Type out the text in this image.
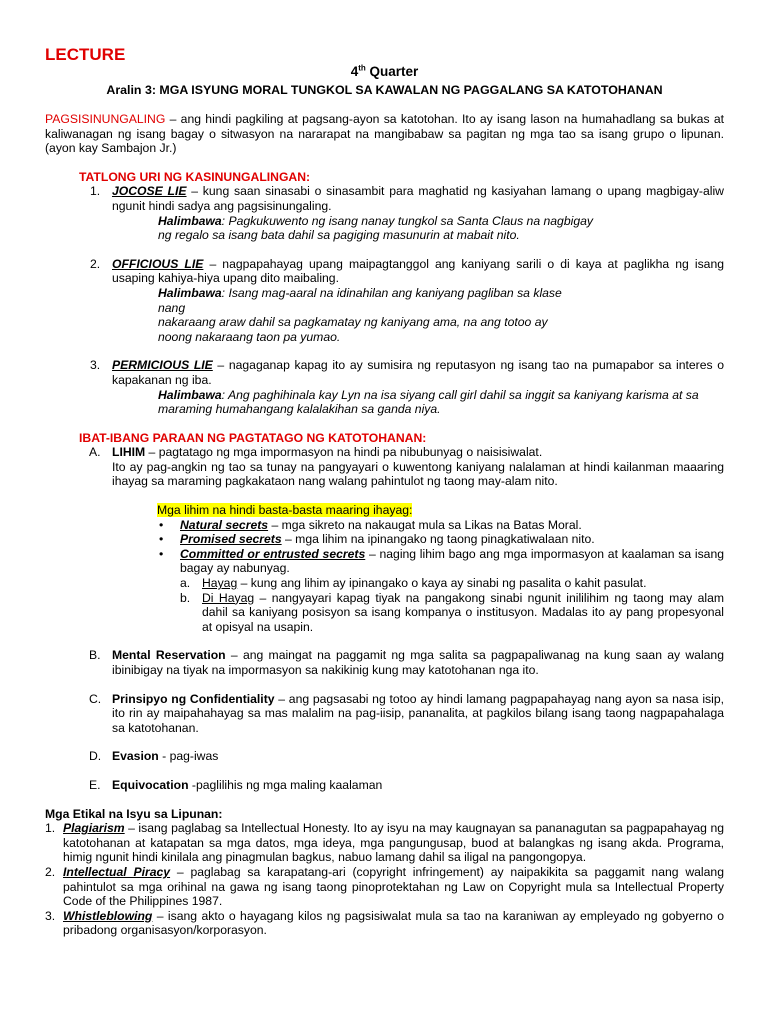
LECTURE
4th Quarter
Aralin 3: MGA ISYUNG MORAL TUNGKOL SA KAWALAN NG PAGGALANG SA KATOTOHANAN
PAGSISINUNGALING – ang hindi pagkiling at pagsang-ayon sa katotohan. Ito ay isang lason na humahadlang sa bukas at kaliwanagan ng isang bagay o sitwasyon na nararapat na mangibabaw sa pagitan ng mga tao sa isang grupo o lipunan. (ayon kay Sambajon Jr.)
TATLONG URI NG KASINUNGALINGAN:
1. JOCOSE LIE – kung saan sinasabi o sinasambit para maghatid ng kasiyahan lamang o upang magbigay-aliw ngunit hindi sadya ang pagsisinungaling.
Halimbawa: Pagkukuwento ng isang nanay tungkol sa Santa Claus na nagbigay
ng regalo sa isang bata dahil sa pagiging masunurin at mabait nito.
2. OFFICIOUS LIE – nagpapahayag upang maipagtanggol ang kaniyang sarili o di kaya at paglikha ng isang usaping kahiya-hiya upang dito maibaling.
Halimbawa: Isang mag-aaral na idinahilan ang kaniyang pagliban sa klase nang
nakaraang araw dahil sa pagkamatay ng kaniyang ama, na ang totoo ay noong nakaraang taon pa yumao.
3. PERMICIOUS LIE – nagaganap kapag ito ay sumisira ng reputasyon ng isang tao na pumapabor sa interes o kapakanan ng iba.
Halimbawa: Ang paghihinala kay Lyn na isa siyang call girl dahil sa inggit sa kaniyang karisma at sa
maraming humahangang kalalakihan sa ganda niya.
IBAT-IBANG PARAAN NG PAGTATAGO NG KATOTOHANAN:
A. LIHIM – pagtatago ng mga impormasyon na hindi pa nibubunyag o naisisiwalat.
Ito ay pag-angkin ng tao sa tunay na pangyayari o kuwentong kaniyang nalalaman at hindi kailanman maaaring ihayag sa maraming pagkakataon nang walang pahintulot ng taong may-alam nito.
Mga lihim na hindi basta-basta maaring ihayag:
• Natural secrets – mga sikreto na nakaugat mula sa Likas na Batas Moral.
• Promised secrets – mga lihim na ipinangako ng taong pinagkatiwalaan nito.
• Committed or entrusted secrets – naging lihim bago ang mga impormasyon at kaalaman sa isang bagay ay nabunyag.
a. Hayag – kung ang lihim ay ipinangako o kaya ay sinabi ng pasalita o kahit pasulat.
b. Di Hayag – nangyayari kapag tiyak na pangakong sinabi ngunit inililihim ng taong may alam dahil sa kaniyang posisyon sa isang kompanya o institusyon. Madalas ito ay pang propesyonal at opisyal na usapin.
B. Mental Reservation – ang maingat na paggamit ng mga salita sa pagpapaliwanag na kung saan ay walang ibinibigay na tiyak na impormasyon sa nakikinig kung may katotohanan nga ito.
C. Prinsipyo ng Confidentiality – ang pagsasabi ng totoo ay hindi lamang pagpapahayag nang ayon sa nasa isip, ito rin ay maipahahayag sa mas malalim na pag-iisip, pananalita, at pagkilos bilang isang taong nagpapahalaga sa katotohanan.
D. Evasion - pag-iwas
E. Equivocation -paglilihis ng mga maling kaalaman
Mga Etikal na Isyu sa Lipunan:
1. Plagiarism – isang paglabag sa Intellectual Honesty. Ito ay isyu na may kaugnayan sa pananagutan sa pagpapahayag ng katotohanan at katapatan sa mga datos, mga ideya, mga pangungusap, buod at balangkas ng isang akda. Programa, himig ngunit hindi kinilala ang pinagmulan bagkus, nabuo lamang dahil sa iligal na pangongopya.
2. Intellectual Piracy – paglabag sa karapatang-ari (copyright infringement) ay naipakikita sa paggamit nang walang pahintulot sa mga orihinal na gawa ng isang taong pinoprotektahan ng Law on Copyright mula sa Intellectual Property Code of the Philippines 1987.
3. Whistleblowing – isang akto o hayagang kilos ng pagsisiwalat mula sa tao na karaniwan ay empleyado ng gobyerno o pribadong organisasyon/korporasyon.
